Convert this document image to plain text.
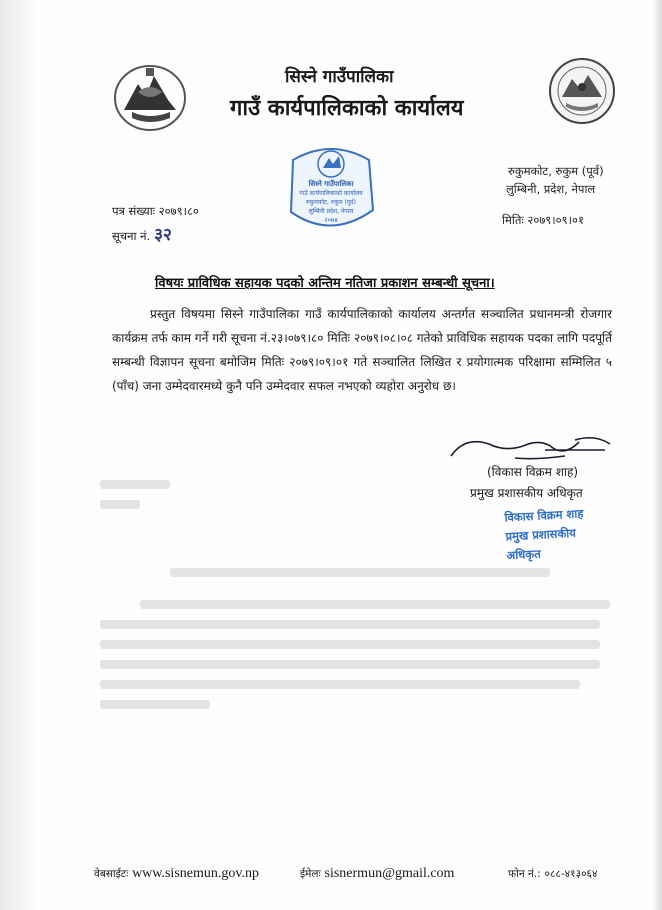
सिस्ने गाउँपालिका
गाउँ कार्यपालिकाको कार्यालय
सिस्ने गाउँपालिका
गाउँ कार्यपालिकाको कार्यालय
रुकुमकोट, रुकुम (पूर्व)
लुम्बिनी प्रदेश, नेपाल
२०७४
रुकुमकोट, रुकुम (पूर्व)
लुम्बिनी, प्रदेश, नेपाल
पत्र संख्याः २०७९।८०
सूचना नं. ३२
मितिः २०७९।०९।०१
विषयः प्राविधिक सहायक पदको अन्तिम नतिजा प्रकाशन सम्बन्धी सूचना।
प्रस्तुत विषयमा सिस्ने गाउँपालिका गाउँ कार्यपालिकाको कार्यालय अन्तर्गत सञ्चालित प्रधानमन्त्री रोजगार कार्यक्रम तर्फ काम गर्ने गरी सूचना नं.२३।०७९।८० मितिः २०७९।०८।०८ गतेको प्राविधिक सहायक पदका लागि पदपूर्ति सम्बन्धी विज्ञापन सूचना बमोजिम मितिः २०७९।०९।०१ गते सञ्चालित लिखित र प्रयोगात्मक परिक्षामा सम्मिलित ५ (पाँच) जना उम्मेदवारमध्ये कुनै पनि उम्मेदवार सफल नभएको व्यहोरा अनुरोध छ।
(विकास विक्रम शाह)
प्रमुख प्रशासकीय अधिकृत
विकास विक्रम शाह
प्रमुख प्रशासकीय अधिकृत
वेबसाईटः www.sisnemun.gov.np	ईमेलः sisnermun@gmail.com	फोन नं.: ०८८-४१३०६४
